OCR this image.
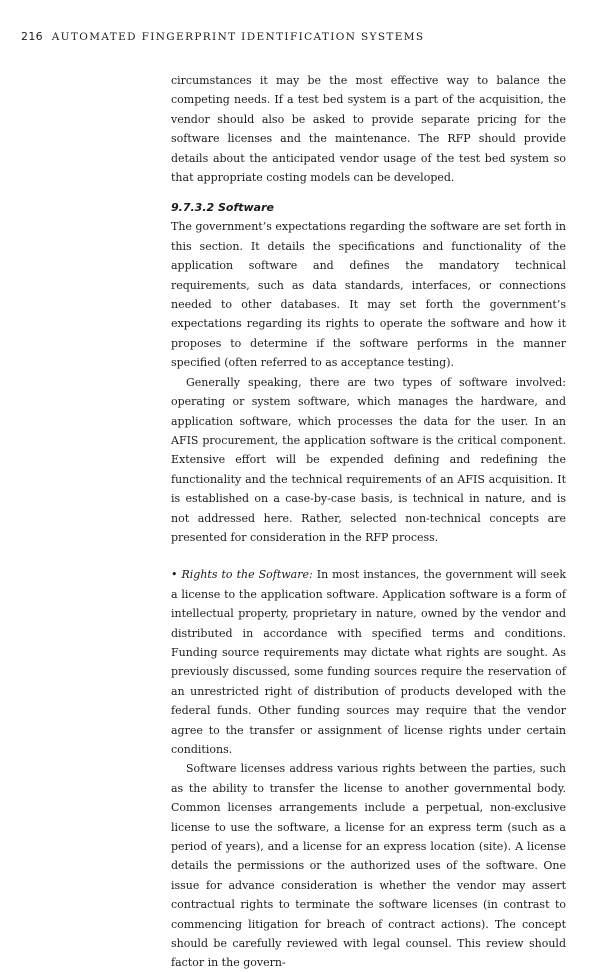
216 AUTOMATED FINGERPRINT IDENTIFICATION SYSTEMS

circumstances it may be the most effective way to balance the competing needs. If a test bed system is a part of the acquisition, the vendor should also be asked to provide separate pricing for the software licenses and the maintenance. The RFP should provide details about the anticipated vendor usage of the test bed system so that appropriate costing models can be developed.

9.7.3.2 Software

The government’s expectations regarding the software are set forth in this section. It details the specifications and functionality of the application software and defines the mandatory technical requirements, such as data standards, interfaces, or connections needed to other databases. It may set forth the government’s expectations regarding its rights to operate the software and how it proposes to determine if the software performs in the manner specified (often referred to as acceptance testing).

Generally speaking, there are two types of software involved: operating or system software, which manages the hardware, and application software, which processes the data for the user. In an AFIS procurement, the application software is the critical component. Extensive effort will be expended defining and redefining the functionality and the technical requirements of an AFIS acquisition. It is established on a case-by-case basis, is technical in nature, and is not addressed here. Rather, selected non-technical concepts are presented for consideration in the RFP process.

• Rights to the Software: In most instances, the government will seek a license to the application software. Application software is a form of intellectual property, proprietary in nature, owned by the vendor and distributed in accordance with specified terms and conditions. Funding source requirements may dictate what rights are sought. As previously discussed, some funding sources require the reservation of an unrestricted right of distribution of products developed with the federal funds. Other funding sources may require that the vendor agree to the transfer or assignment of license rights under certain conditions.

Software licenses address various rights between the parties, such as the ability to transfer the license to another governmental body. Common licenses arrangements include a perpetual, non-exclusive license to use the software, a license for an express term (such as a period of years), and a license for an express location (site). A license details the permissions or the authorized uses of the software. One issue for advance consideration is whether the vendor may assert contractual rights to terminate the software licenses (in contrast to commencing litigation for breach of contract actions). The concept should be carefully reviewed with legal counsel. This review should factor in the govern-
